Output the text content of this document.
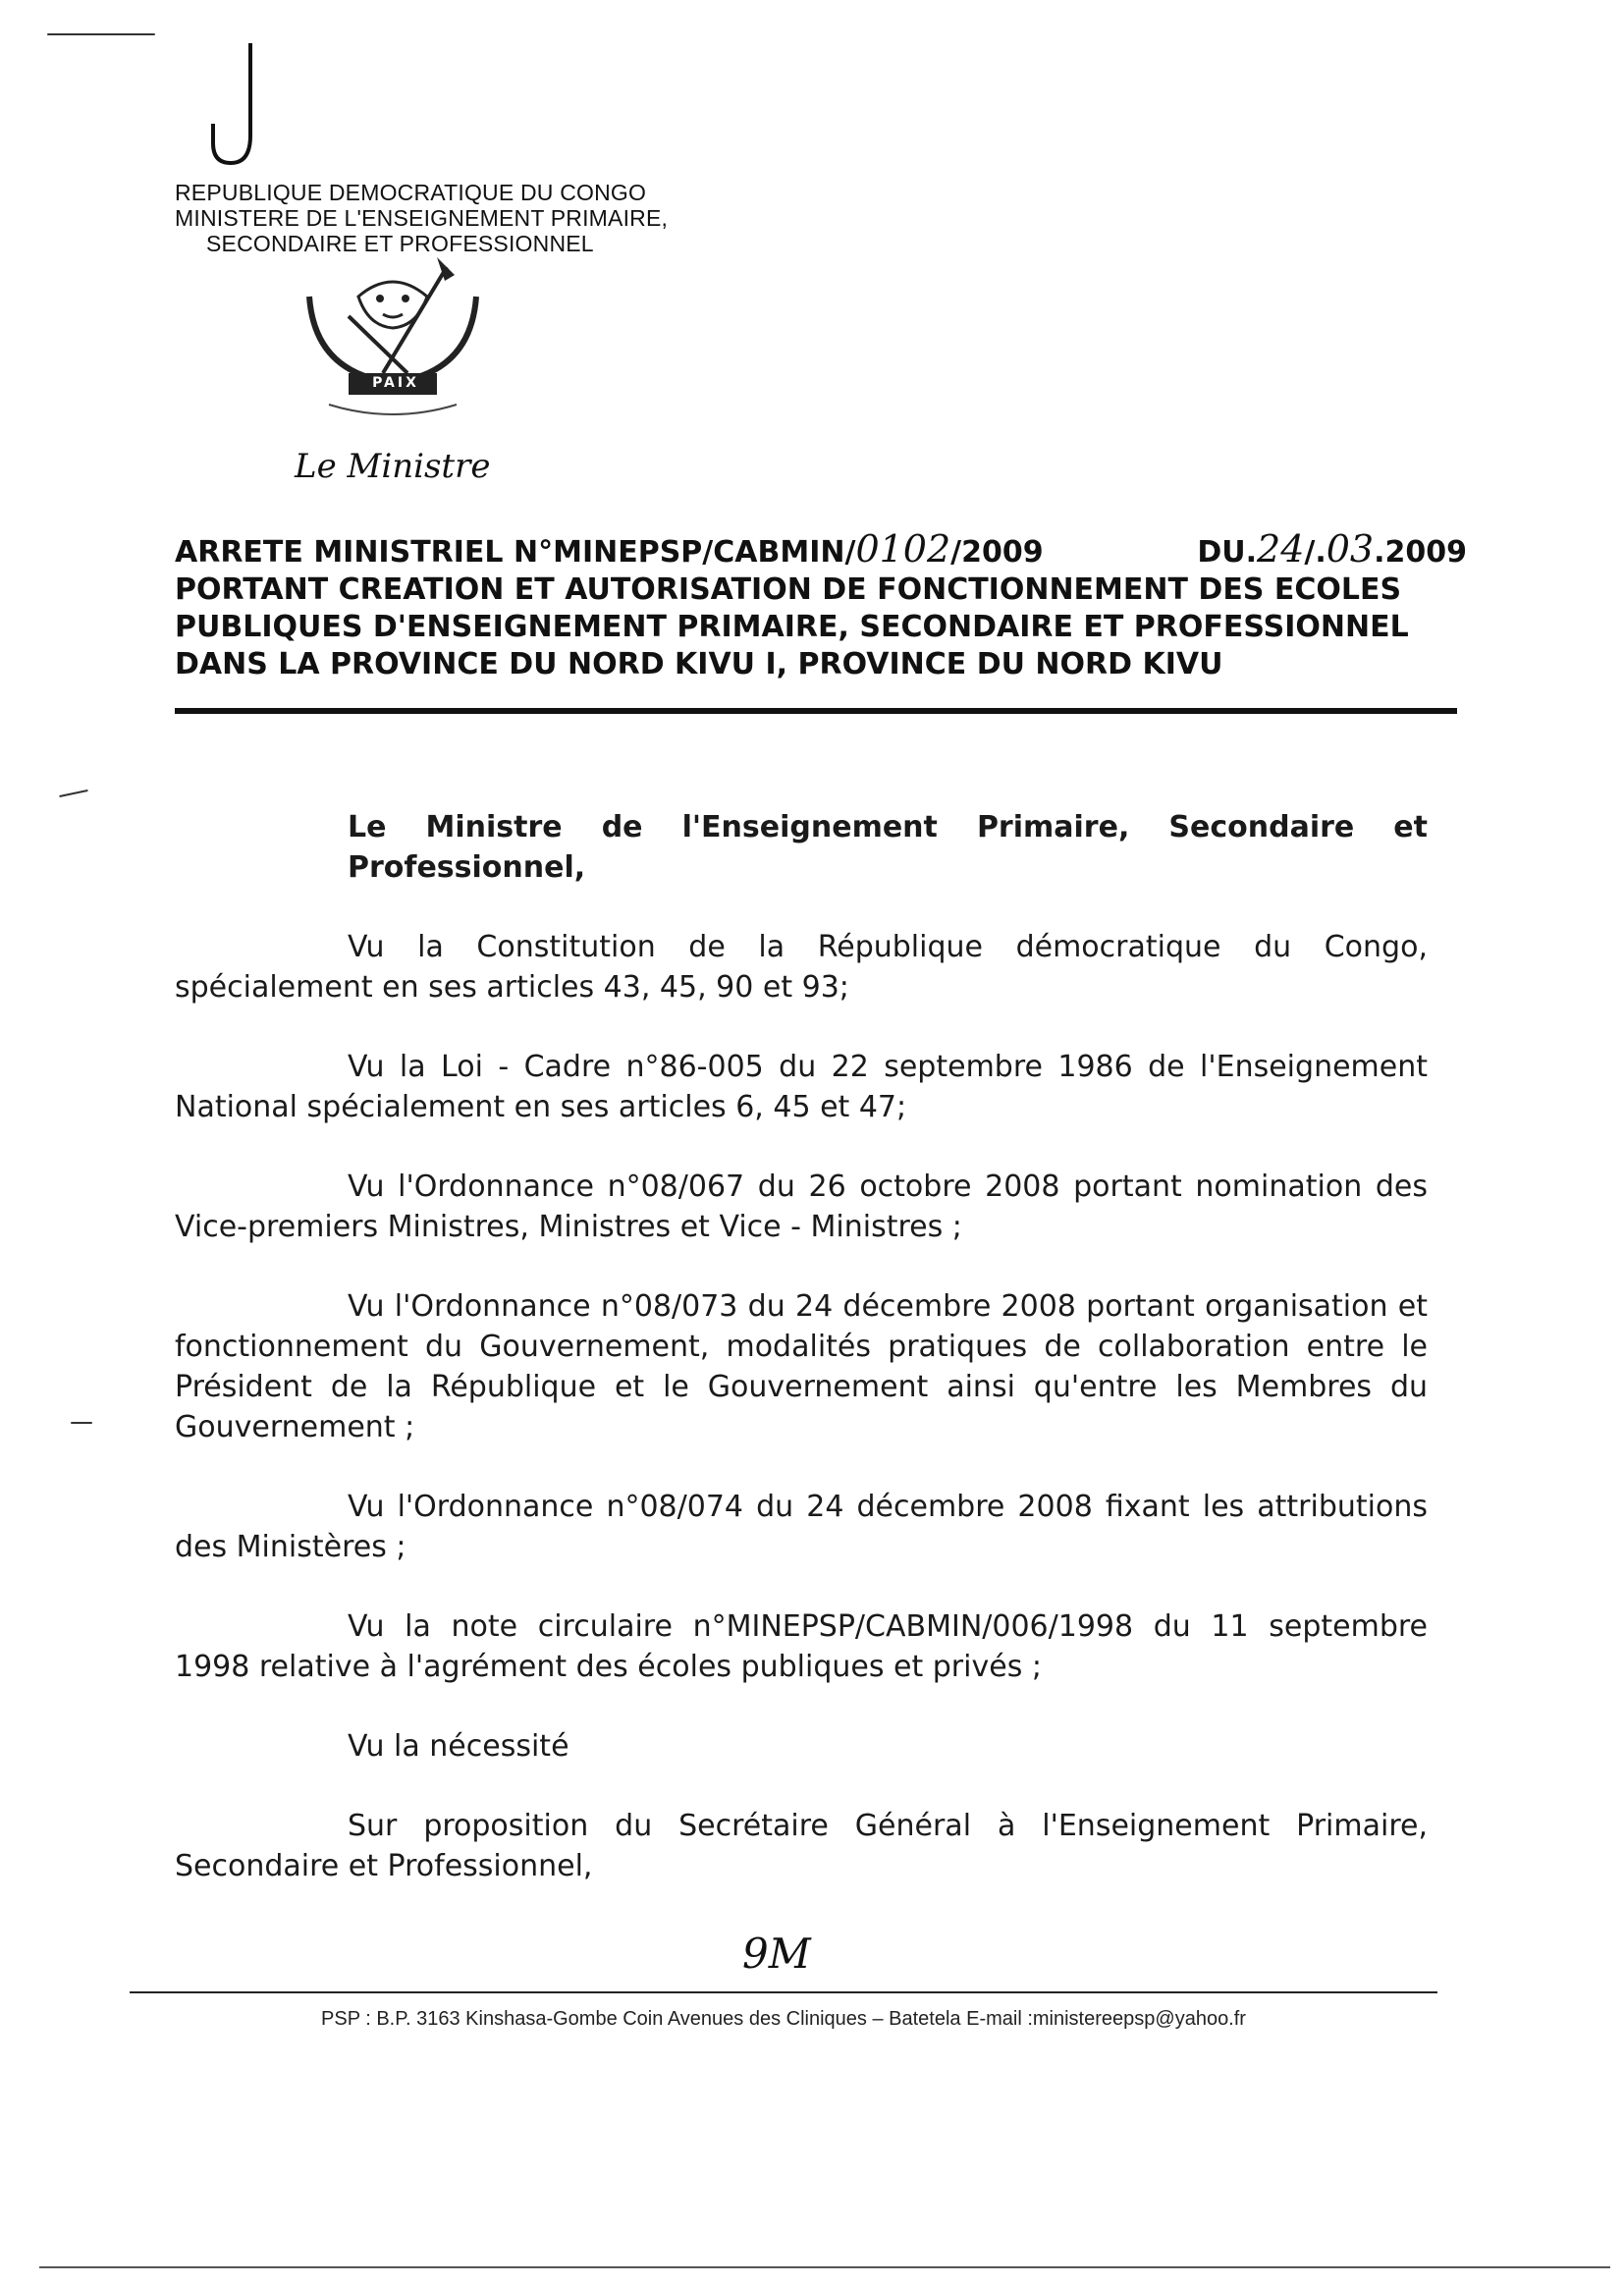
REPUBLIQUE DEMOCRATIQUE DU CONGO
MINISTERE DE L'ENSEIGNEMENT PRIMAIRE,
SECONDAIRE ET PROFESSIONNEL
PAIX
Le Ministre
ARRETE MINISTRIEL N°MINEPSP/CABMIN/0102/2009	DU.24/.03.2009
PORTANT CREATION ET AUTORISATION DE FONCTIONNEMENT DES ECOLES
PUBLIQUES D'ENSEIGNEMENT PRIMAIRE, SECONDAIRE ET PROFESSIONNEL
DANS LA PROVINCE DU NORD KIVU I, PROVINCE DU NORD KIVU

Le Ministre de l'Enseignement Primaire, Secondaire et Professionnel,

Vu la Constitution de la République démocratique du Congo, spécialement en ses articles 43, 45, 90 et 93;

Vu la Loi - Cadre n°86-005 du 22 septembre 1986 de l'Enseignement National spécialement en ses articles 6, 45 et 47;

Vu l'Ordonnance n°08/067 du 26 octobre 2008 portant nomination des Vice-premiers Ministres, Ministres et Vice - Ministres ;

Vu l'Ordonnance n°08/073 du 24 décembre 2008 portant organisation et fonctionnement du Gouvernement, modalités pratiques de collaboration entre le Président de la République et le Gouvernement ainsi qu'entre les Membres du Gouvernement ;

Vu l'Ordonnance n°08/074 du 24 décembre 2008 fixant les attributions des Ministères ;

Vu la note circulaire n°MINEPSP/CABMIN/006/1998 du 11 septembre 1998 relative à l'agrément des écoles publiques et privés ;

Vu la nécessité

Sur proposition du Secrétaire Général à l'Enseignement Primaire, Secondaire et Professionnel,

9M
PSP : B.P. 3163 Kinshasa-Gombe Coin Avenues des Cliniques – Batetela E-mail :ministereepsp@yahoo.fr
